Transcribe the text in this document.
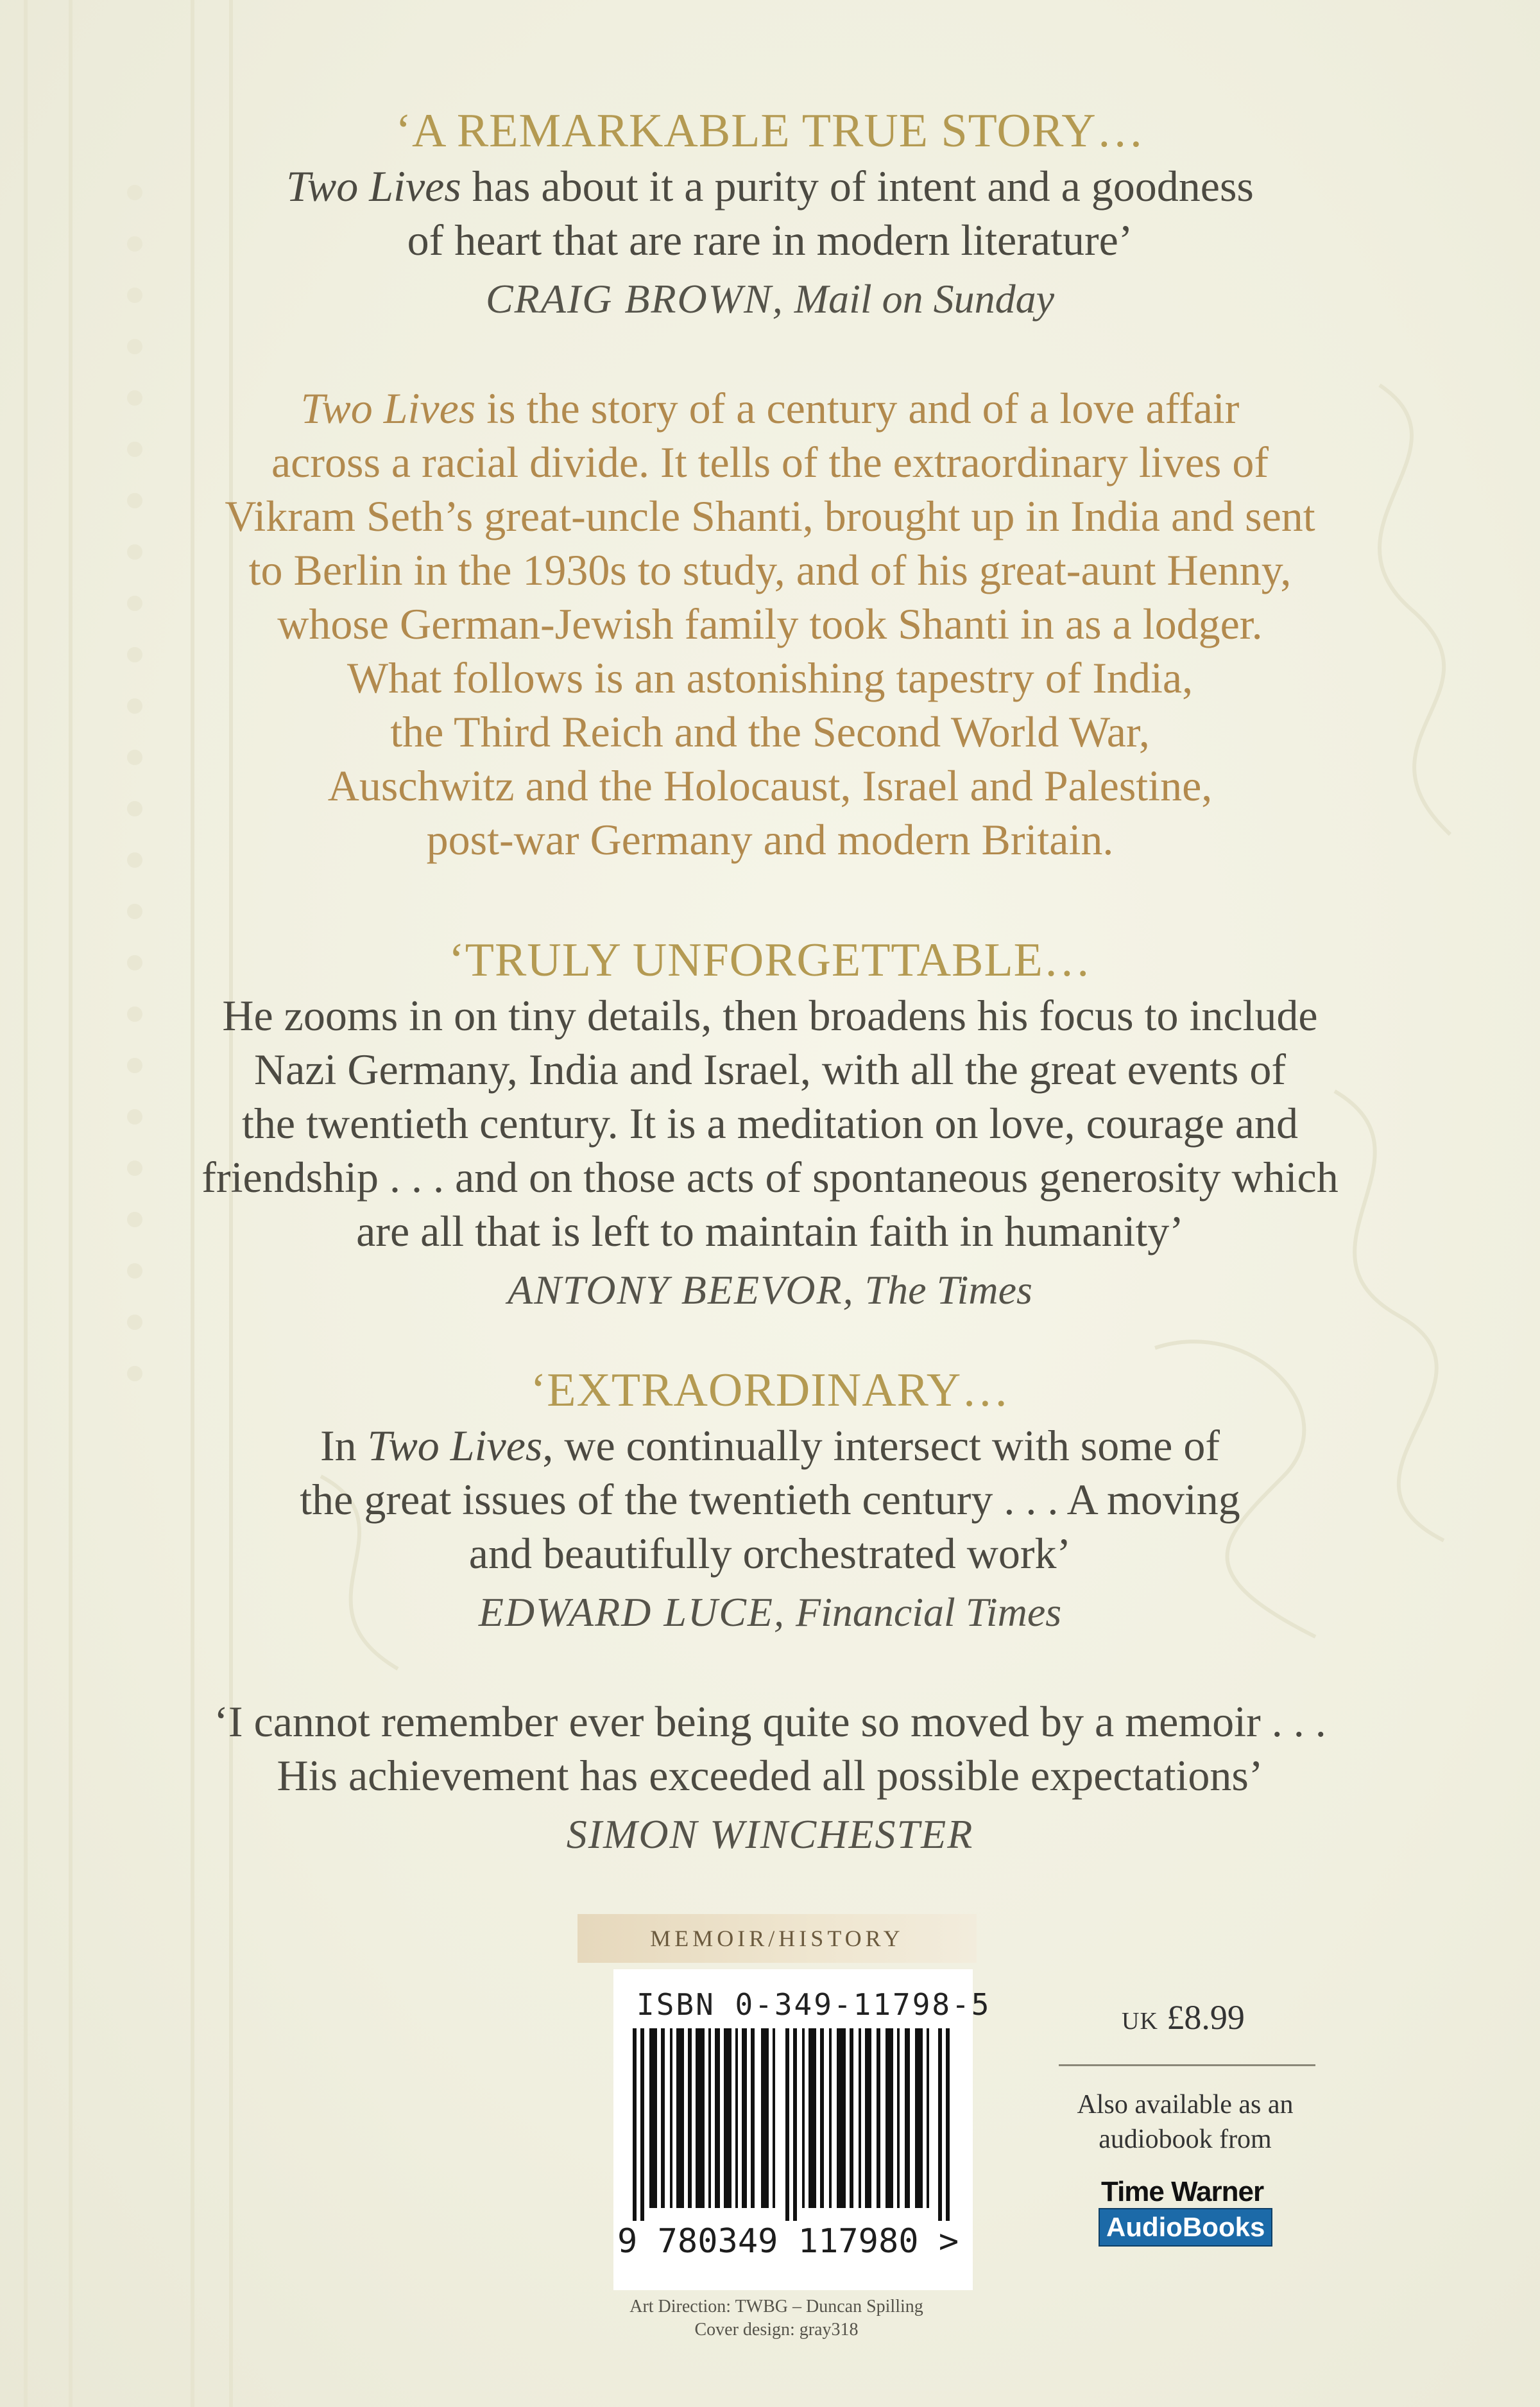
‘A REMARKABLE TRUE STORY…
Two Lives has about it a purity of intent and a goodness
of heart that are rare in modern literature’
CRAIG BROWN, Mail on Sunday
Two Lives is the story of a century and of a love affair
across a racial divide. It tells of the extraordinary lives of
Vikram Seth’s great-uncle Shanti, brought up in India and sent
to Berlin in the 1930s to study, and of his great-aunt Henny,
whose German-Jewish family took Shanti in as a lodger.
What follows is an astonishing tapestry of India,
the Third Reich and the Second World War,
Auschwitz and the Holocaust, Israel and Palestine,
post-war Germany and modern Britain.
‘TRULY UNFORGETTABLE…
He zooms in on tiny details, then broadens his focus to include
Nazi Germany, India and Israel, with all the great events of
the twentieth century. It is a meditation on love, courage and
friendship . . . and on those acts of spontaneous generosity which
are all that is left to maintain faith in humanity’
ANTONY BEEVOR, The Times
‘EXTRAORDINARY…
In Two Lives, we continually intersect with some of
the great issues of the twentieth century . . . A moving
and beautifully orchestrated work’
EDWARD LUCE, Financial Times
‘I cannot remember ever being quite so moved by a memoir . . .
His achievement has exceeded all possible expectations’
SIMON WINCHESTER
MEMOIR/HISTORY
ISBN 0-349-11798-5
9 780349 117980 >
UK £8.99
Also available as an
audiobook from
Time Warner
AudioBooks
Art Direction: TWBG – Duncan Spilling
Cover design: gray318
